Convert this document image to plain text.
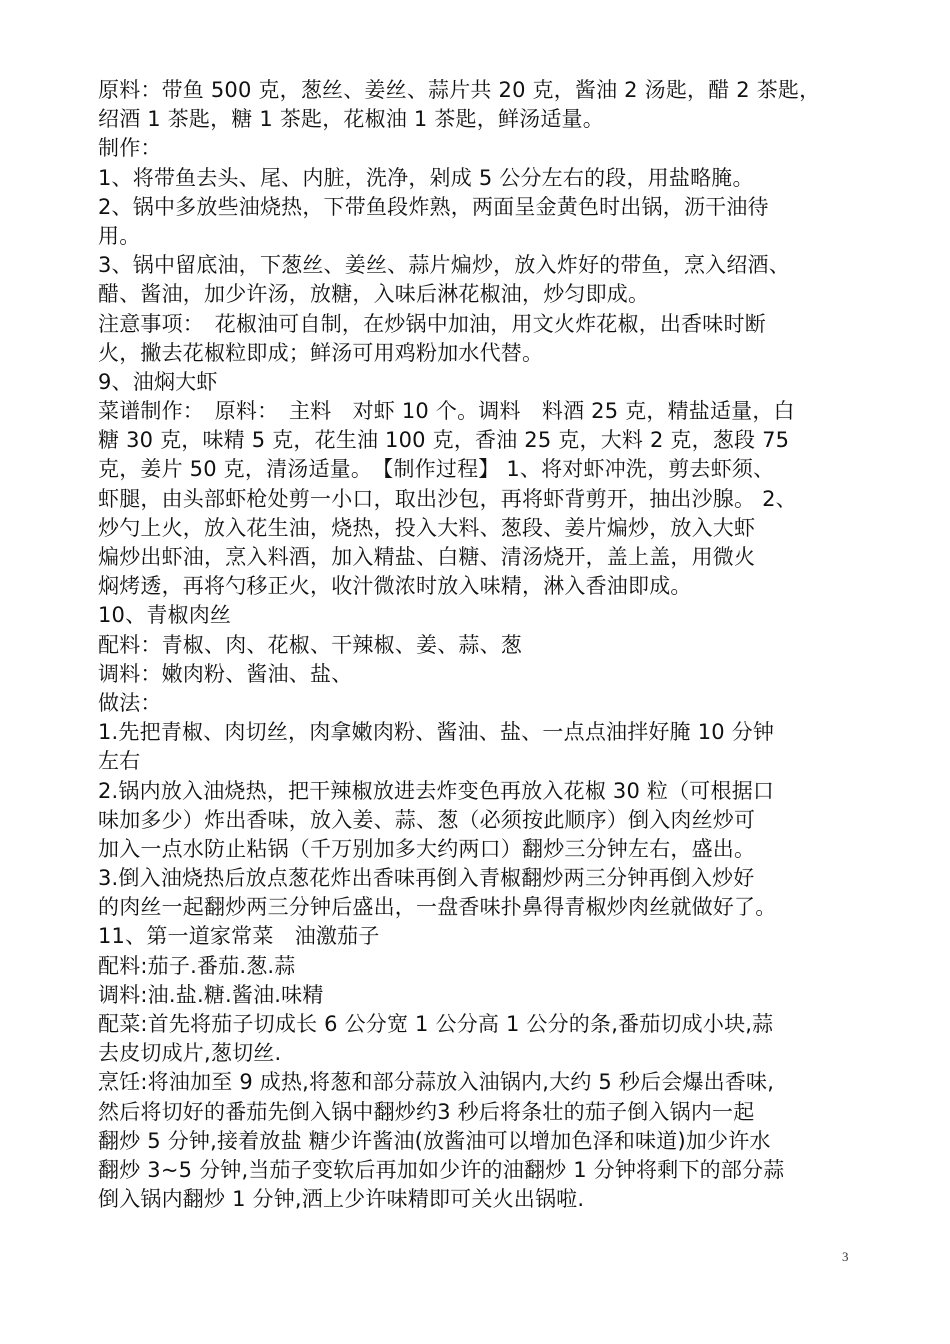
原料：带鱼 500 克，葱丝、姜丝、蒜片共 20 克，酱油 2 汤匙，醋 2 茶匙，
绍酒 1 茶匙，糖 1 茶匙，花椒油 1 茶匙，鲜汤适量。
制作：
1、将带鱼去头、尾、内脏，洗净，剁成 5 公分左右的段，用盐略腌。
2、锅中多放些油烧热，下带鱼段炸熟，两面呈金黄色时出锅，沥干油待
用。
3、锅中留底油，下葱丝、姜丝、蒜片煸炒，放入炸好的带鱼，烹入绍酒、
醋、酱油，加少许汤，放糖，入味后淋花椒油，炒匀即成。
注意事项：　花椒油可自制，在炒锅中加油，用文火炸花椒，出香味时断
火，撇去花椒粒即成；鲜汤可用鸡粉加水代替。
9、油焖大虾
菜谱制作：　原料：　主料　对虾 10 个。调料　料酒 25 克，精盐适量，白
糖 30 克，味精 5 克，花生油 100 克，香油 25 克，大料 2 克，葱段 75
克，姜片 50 克，清汤适量。　【制作过程】 1、将对虾冲洗，剪去虾须、
虾腿，由头部虾枪处剪一小口，取出沙包，再将虾背剪开，抽出沙腺。 2、
炒勺上火，放入花生油，烧热，投入大料、葱段、姜片煸炒，放入大虾
煸炒出虾油，烹入料酒，加入精盐、白糖、清汤烧开，盖上盖，用微火
焖烤透，再将勺移正火，收汁微浓时放入味精，淋入香油即成。
10、青椒肉丝
配料：青椒、肉、花椒、干辣椒、姜、蒜、葱
调料：嫩肉粉、酱油、盐、
做法：
1.先把青椒、肉切丝，肉拿嫩肉粉、酱油、盐、一点点油拌好腌 10 分钟
左右
2.锅内放入油烧热，把干辣椒放进去炸变色再放入花椒 30 粒（可根据口
味加多少）炸出香味，放入姜、蒜、葱（必须按此顺序）倒入肉丝炒可
加入一点水防止粘锅（千万别加多大约两口）翻炒三分钟左右，盛出。
3.倒入油烧热后放点葱花炸出香味再倒入青椒翻炒两三分钟再倒入炒好
的肉丝一起翻炒两三分钟后盛出，一盘香味扑鼻得青椒炒肉丝就做好了。
11、第一道家常菜　油激茄子
配料:茄子.番茄.葱.蒜
调料:油.盐.糖.酱油.味精
配菜:首先将茄子切成长 6 公分宽 1 公分高 1 公分的条,番茄切成小块,蒜
去皮切成片,葱切丝.
烹饪:将油加至 9 成热,将葱和部分蒜放入油锅内,大约 5 秒后会爆出香味,
然后将切好的番茄先倒入锅中翻炒约3 秒后将条壮的茄子倒入锅内一起
翻炒 5 分钟,接着放盐 糖少许酱油(放酱油可以增加色泽和味道)加少许水
翻炒 3~5 分钟,当茄子变软后再加如少许的油翻炒 1 分钟将剩下的部分蒜
倒入锅内翻炒 1 分钟,洒上少许味精即可关火出锅啦.
3
